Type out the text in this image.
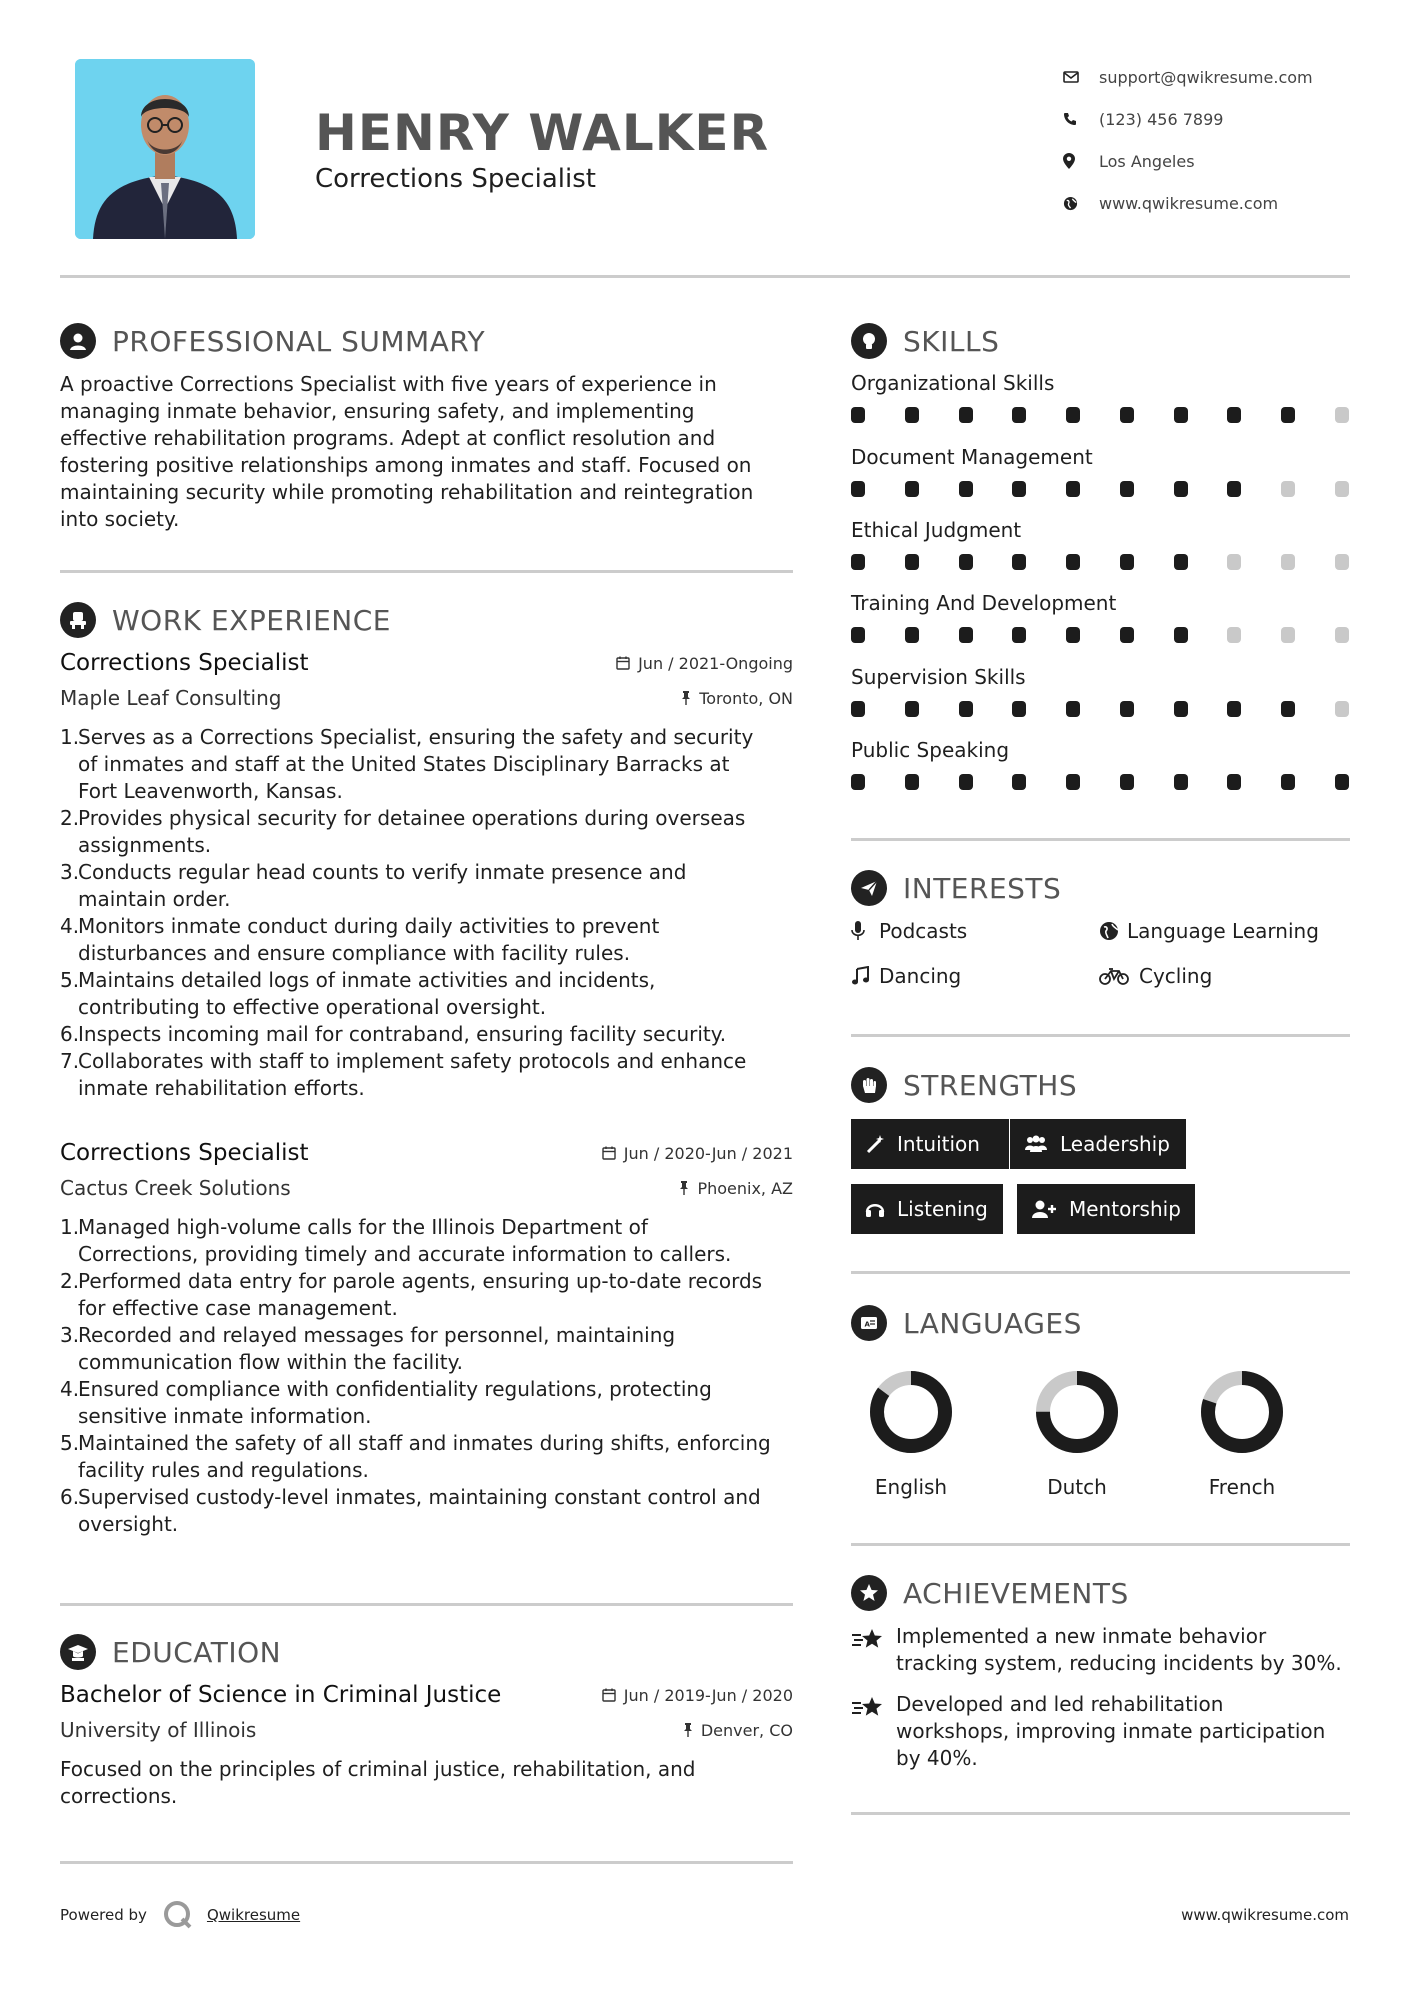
HENRY WALKER
Corrections Specialist
support@qwikresume.com
(123) 456 7899
Los Angeles
www.qwikresume.com
PROFESSIONAL SUMMARY
A proactive Corrections Specialist with five years of experience in
managing inmate behavior, ensuring safety, and implementing
effective rehabilitation programs. Adept at conflict resolution and
fostering positive relationships among inmates and staff. Focused on
maintaining security while promoting rehabilitation and reintegration
into society.
WORK EXPERIENCE
Corrections Specialist	Jun / 2021-Ongoing
Maple Leaf Consulting	Toronto, ON
1.
Serves as a Corrections Specialist, ensuring the safety and security
of inmates and staff at the United States Disciplinary Barracks at
Fort Leavenworth, Kansas.
2.
Provides physical security for detainee operations during overseas
assignments.
3.
Conducts regular head counts to verify inmate presence and
maintain order.
4.
Monitors inmate conduct during daily activities to prevent
disturbances and ensure compliance with facility rules.
5.
Maintains detailed logs of inmate activities and incidents,
contributing to effective operational oversight.
6.
Inspects incoming mail for contraband, ensuring facility security.
7.
Collaborates with staff to implement safety protocols and enhance
inmate rehabilitation efforts.
Corrections Specialist	Jun / 2020-Jun / 2021
Cactus Creek Solutions	Phoenix, AZ
1.
Managed high-volume calls for the Illinois Department of
Corrections, providing timely and accurate information to callers.
2.
Performed data entry for parole agents, ensuring up-to-date records
for effective case management.
3.
Recorded and relayed messages for personnel, maintaining
communication flow within the facility.
4.
Ensured compliance with confidentiality regulations, protecting
sensitive inmate information.
5.
Maintained the safety of all staff and inmates during shifts, enforcing
facility rules and regulations.
6.
Supervised custody-level inmates, maintaining constant control and
oversight.
EDUCATION
Bachelor of Science in Criminal Justice	Jun / 2019-Jun / 2020
University of Illinois	Denver, CO
Focused on the principles of criminal justice, rehabilitation, and
corrections.
SKILLS
Organizational Skills
Document Management
Ethical Judgment
Training And Development
Supervision Skills
Public Speaking
INTERESTS
Podcasts	Language Learning
Dancing	Cycling
STRENGTHS
Intuition	Leadership
Listening	Mentorship
A LANGUAGES
English	Dutch	French
ACHIEVEMENTS
Implemented a new inmate behavior
tracking system, reducing incidents by 30%.
Developed and led rehabilitation
workshops, improving inmate participation
by 40%.
Powered by	Qwikresume	www.qwikresume.com
